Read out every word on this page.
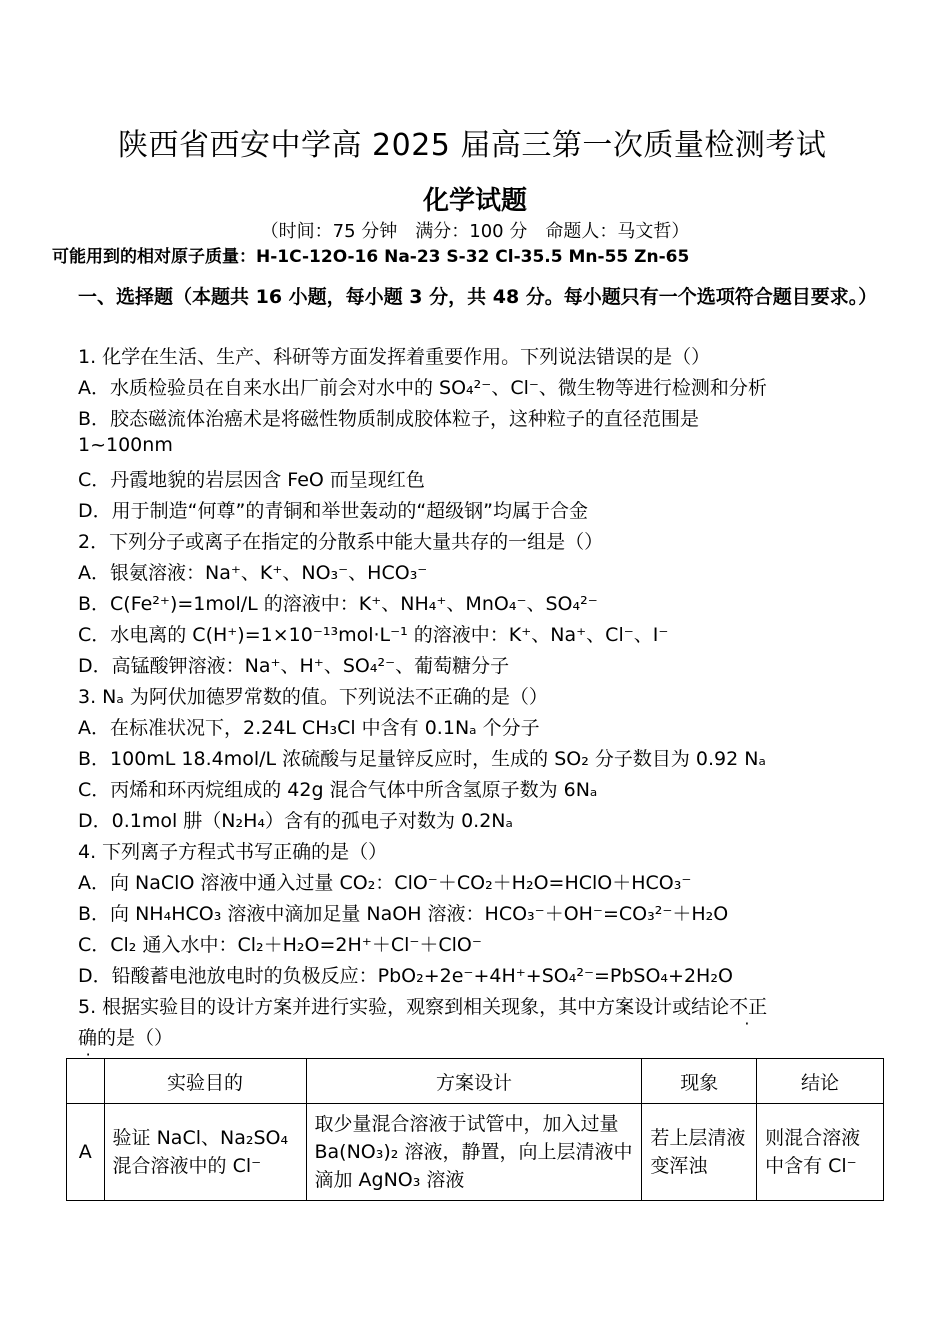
陕西省西安中学高 2025 届高三第一次质量检测考试
化学试题
（时间：75 分钟　满分：100 分　命题人：马文哲）
可能用到的相对原子质量：H-1C-12O-16 Na-23 S-32 Cl-35.5 Mn-55 Zn-65
一、选择题（本题共 16 小题，每小题 3 分，共 48 分。每小题只有一个选项符合题目要求。）
1. 化学在生活、生产、科研等方面发挥着重要作用。下列说法错误的是（）
A．水质检验员在自来水出厂前会对水中的 SO₄²⁻、Cl⁻、微生物等进行检测和分析
B．胶态磁流体治癌术是将磁性物质制成胶体粒子，这种粒子的直径范围是
1~100nm
C．丹霞地貌的岩层因含 FeO 而呈现红色
D．用于制造“何尊”的青铜和举世轰动的“超级钢”均属于合金
2．下列分子或离子在指定的分散系中能大量共存的一组是（）
A．银氨溶液：Na⁺、K⁺、NO₃⁻、HCO₃⁻
B．C(Fe²⁺)=1mol/L 的溶液中：K⁺、NH₄⁺、MnO₄⁻、SO₄²⁻
C．水电离的 C(H⁺)=1×10⁻¹³mol·L⁻¹ 的溶液中：K⁺、Na⁺、Cl⁻、I⁻
D．高锰酸钾溶液：Na⁺、H⁺、SO₄²⁻、葡萄糖分子
3. Nₐ 为阿伏加德罗常数的值。下列说法不正确的是（）
A．在标准状况下，2.24L CH₃Cl 中含有 0.1Nₐ 个分子
B．100mL 18.4mol/L 浓硫酸与足量锌反应时，生成的 SO₂ 分子数目为 0.92 Nₐ
C．丙烯和环丙烷组成的 42g 混合气体中所含氢原子数为 6Nₐ
D．0.1mol 肼（N₂H₄）含有的孤电子对数为 0.2Nₐ
4. 下列离子方程式书写正确的是（）
A．向 NaClO 溶液中通入过量 CO₂：ClO⁻＋CO₂＋H₂O=HClO＋HCO₃⁻
B．向 NH₄HCO₃ 溶液中滴加足量 NaOH 溶液：HCO₃⁻＋OH⁻=CO₃²⁻＋H₂O
C．Cl₂ 通入水中：Cl₂＋H₂O=2H⁺＋Cl⁻＋ClO⁻
D．铅酸蓄电池放电时的负极反应：PbO₂+2e⁻+4H⁺+SO₄²⁻=PbSO₄+2H₂O
5. 根据实验目的设计方案并进行实验，观察到相关现象，其中方案设计或结论不正
确的是（）
	实验目的	方案设计	现象	结论
A	验证 NaCl、Na₂SO₄ 混合溶液中的 Cl⁻	取少量混合溶液于试管中，加入过量 Ba(NO₃)₂ 溶液，静置，向上层清液中滴加 AgNO₃ 溶液	若上层清液变浑浊	则混合溶液中含有 Cl⁻
